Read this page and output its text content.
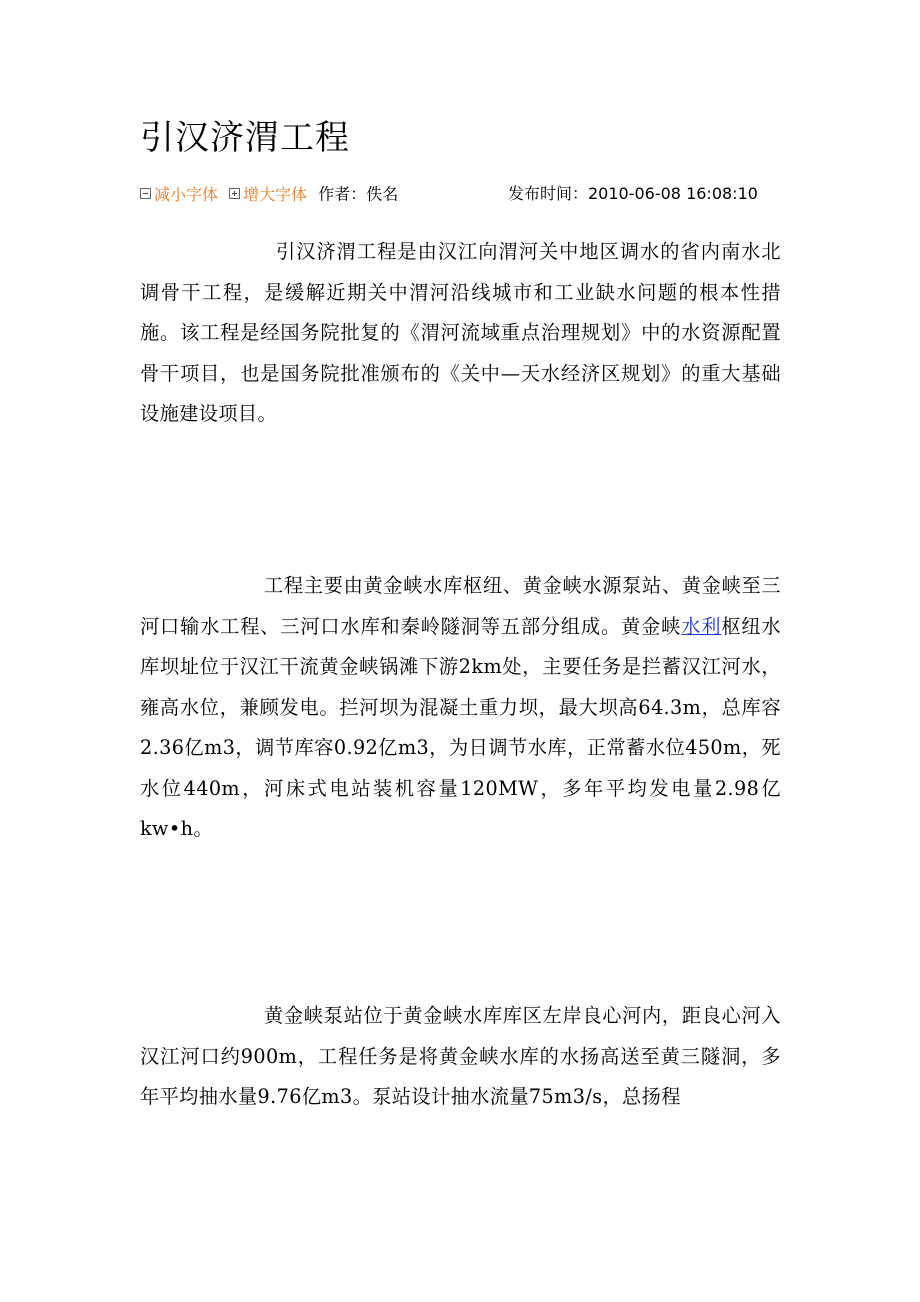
引汉济渭工程
减小字体 增大字体 作者：佚名	发布时间：2010-06-08 16:08:10

引汉济渭工程是由汉江向渭河关中地区调水的省内南水北调骨干工程，是缓解近期关中渭河沿线城市和工业缺水问题的根本性措施。该工程是经国务院批复的《渭河流域重点治理规划》中的水资源配置骨干项目，也是国务院批准颁布的《关中—天水经济区规划》的重大基础设施建设项目。

工程主要由黄金峡水库枢纽、黄金峡水源泵站、黄金峡至三河口输水工程、三河口水库和秦岭隧洞等五部分组成。黄金峡水利枢纽水库坝址位于汉江干流黄金峡锅滩下游2km处，主要任务是拦蓄汉江河水，雍高水位，兼顾发电。拦河坝为混凝土重力坝，最大坝高64.3m，总库容2.36亿m3，调节库容0.92亿m3，为日调节水库，正常蓄水位450m，死水位440m，河床式电站装机容量120MW，多年平均发电量2.98亿kw•h。

黄金峡泵站位于黄金峡水库库区左岸良心河内，距良心河入汉江河口约900m，工程任务是将黄金峡水库的水扬高送至黄三隧洞，多年平均抽水量9.76亿m3。泵站设计抽水流量75m3/s，总扬程
